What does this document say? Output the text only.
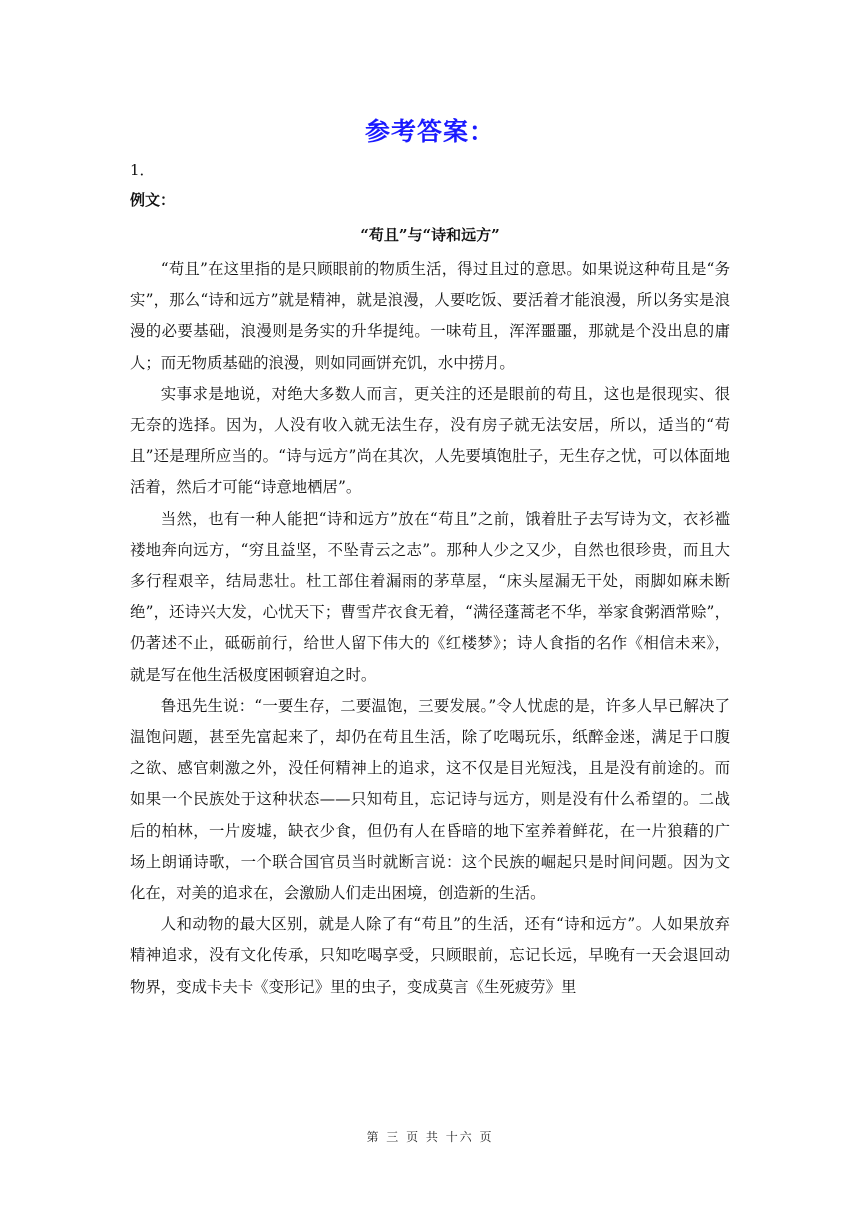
参考答案：
1．
例文：
“苟且”与“诗和远方”

“苟且”在这里指的是只顾眼前的物质生活，得过且过的意思。如果说这种苟且是“务实”，那么“诗和远方”就是精神，就是浪漫，人要吃饭、要活着才能浪漫，所以务实是浪漫的必要基础，浪漫则是务实的升华提纯。一味苟且，浑浑噩噩，那就是个没出息的庸人；而无物质基础的浪漫，则如同画饼充饥，水中捞月。

实事求是地说，对绝大多数人而言，更关注的还是眼前的苟且，这也是很现实、很无奈的选择。因为，人没有收入就无法生存，没有房子就无法安居，所以，适当的“苟且”还是理所应当的。“诗与远方”尚在其次，人先要填饱肚子，无生存之忧，可以体面地活着，然后才可能“诗意地栖居”。

当然，也有一种人能把“诗和远方”放在“苟且”之前，饿着肚子去写诗为文，衣衫褴褛地奔向远方，“穷且益坚，不坠青云之志”。那种人少之又少，自然也很珍贵，而且大多行程艰辛，结局悲壮。杜工部住着漏雨的茅草屋，“床头屋漏无干处，雨脚如麻未断绝”，还诗兴大发，心忧天下；曹雪芹衣食无着，“满径蓬蒿老不华，举家食粥酒常赊”，仍著述不止，砥砺前行，给世人留下伟大的《红楼梦》；诗人食指的名作《相信未来》，就是写在他生活极度困顿窘迫之时。

鲁迅先生说：“一要生存，二要温饱，三要发展。”令人忧虑的是，许多人早已解决了温饱问题，甚至先富起来了，却仍在苟且生活，除了吃喝玩乐，纸醉金迷，满足于口腹之欲、感官刺激之外，没任何精神上的追求，这不仅是目光短浅，且是没有前途的。而如果一个民族处于这种状态——只知苟且，忘记诗与远方，则是没有什么希望的。二战后的柏林，一片废墟，缺衣少食，但仍有人在昏暗的地下室养着鲜花，在一片狼藉的广场上朗诵诗歌，一个联合国官员当时就断言说：这个民族的崛起只是时间问题。因为文化在，对美的追求在，会激励人们走出困境，创造新的生活。

人和动物的最大区别，就是人除了有“苟且”的生活，还有“诗和远方”。人如果放弃精神追求，没有文化传承，只知吃喝享受，只顾眼前，忘记长远，早晚有一天会退回动物界，变成卡夫卡《变形记》里的虫子，变成莫言《生死疲劳》里

第 三 页 共 十六 页
